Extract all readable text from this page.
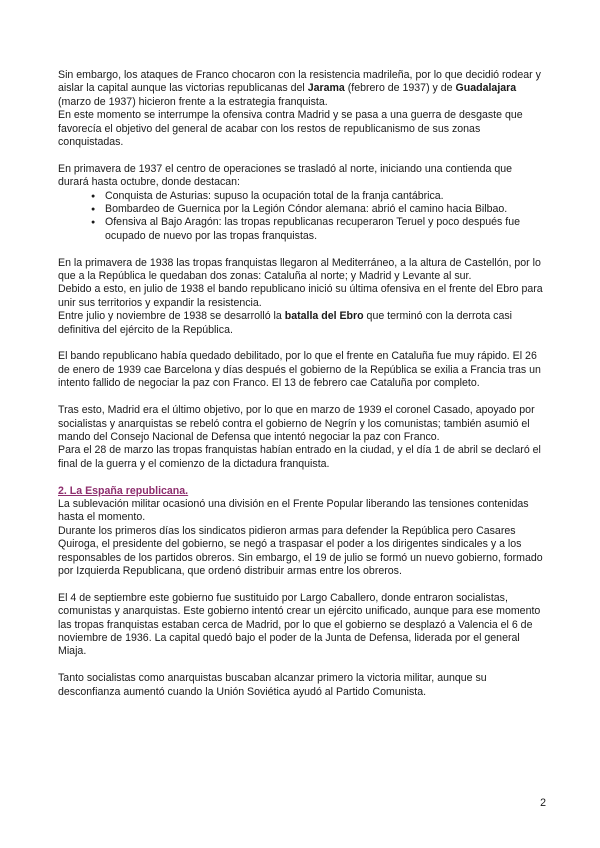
Sin embargo, los ataques de Franco chocaron con la resistencia madrileña, por lo que decidió rodear y aislar la capital aunque las victorias republicanas del Jarama (febrero de 1937) y de Guadalajara (marzo de 1937) hicieron frente a la estrategia franquista.

En este momento se interrumpe la ofensiva contra Madrid y se pasa a una guerra de desgaste que favorecía el objetivo del general de acabar con los restos de republicanismo de sus zonas conquistadas.

En primavera de 1937 el centro de operaciones se trasladó al norte, iniciando una contienda que durará hasta octubre, donde destacan:

● Conquista de Asturias: supuso la ocupación total de la franja cantábrica.
● Bombardeo de Guernica por la Legión Cóndor alemana: abrió el camino hacia Bilbao.
● Ofensiva al Bajo Aragón: las tropas republicanas recuperaron Teruel y poco después fue ocupado de nuevo por las tropas franquistas.

En la primavera de 1938 las tropas franquistas llegaron al Mediterráneo, a la altura de Castellón, por lo que a la República le quedaban dos zonas: Cataluña al norte; y Madrid y Levante al sur.

Debido a esto, en julio de 1938 el bando republicano inició su última ofensiva en el frente del Ebro para unir sus territorios y expandir la resistencia.

Entre julio y noviembre de 1938 se desarrolló la batalla del Ebro que terminó con la derrota casi definitiva del ejército de la República.

El bando republicano había quedado debilitado, por lo que el frente en Cataluña fue muy rápido. El 26 de enero de 1939 cae Barcelona y días después el gobierno de la República se exilia a Francia tras un intento fallido de negociar la paz con Franco. El 13 de febrero cae Cataluña por completo.

Tras esto, Madrid era el último objetivo, por lo que en marzo de 1939 el coronel Casado, apoyado por socialistas y anarquistas se rebeló contra el gobierno de Negrín y los comunistas; también asumió el mando del Consejo Nacional de Defensa que intentó negociar la paz con Franco.

Para el 28 de marzo las tropas franquistas habían entrado en la ciudad, y el día 1 de abril se declaró el final de la guerra y el comienzo de la dictadura franquista.

2. La España republicana.

La sublevación militar ocasionó una división en el Frente Popular liberando las tensiones contenidas hasta el momento.

Durante los primeros días los sindicatos pidieron armas para defender la República pero Casares Quiroga, el presidente del gobierno, se negó a traspasar el poder a los dirigentes sindicales y a los responsables de los partidos obreros. Sin embargo, el 19 de julio se formó un nuevo gobierno, formado por Izquierda Republicana, que ordenó distribuir armas entre los obreros.

El 4 de septiembre este gobierno fue sustituido por Largo Caballero, donde entraron socialistas, comunistas y anarquistas. Este gobierno intentó crear un ejército unificado, aunque para ese momento las tropas franquistas estaban cerca de Madrid, por lo que el gobierno se desplazó a Valencia el 6 de noviembre de 1936. La capital quedó bajo el poder de la Junta de Defensa, liderada por el general Miaja.

Tanto socialistas como anarquistas buscaban alcanzar primero la victoria militar, aunque su desconfianza aumentó cuando la Unión Soviética ayudó al Partido Comunista.

2
